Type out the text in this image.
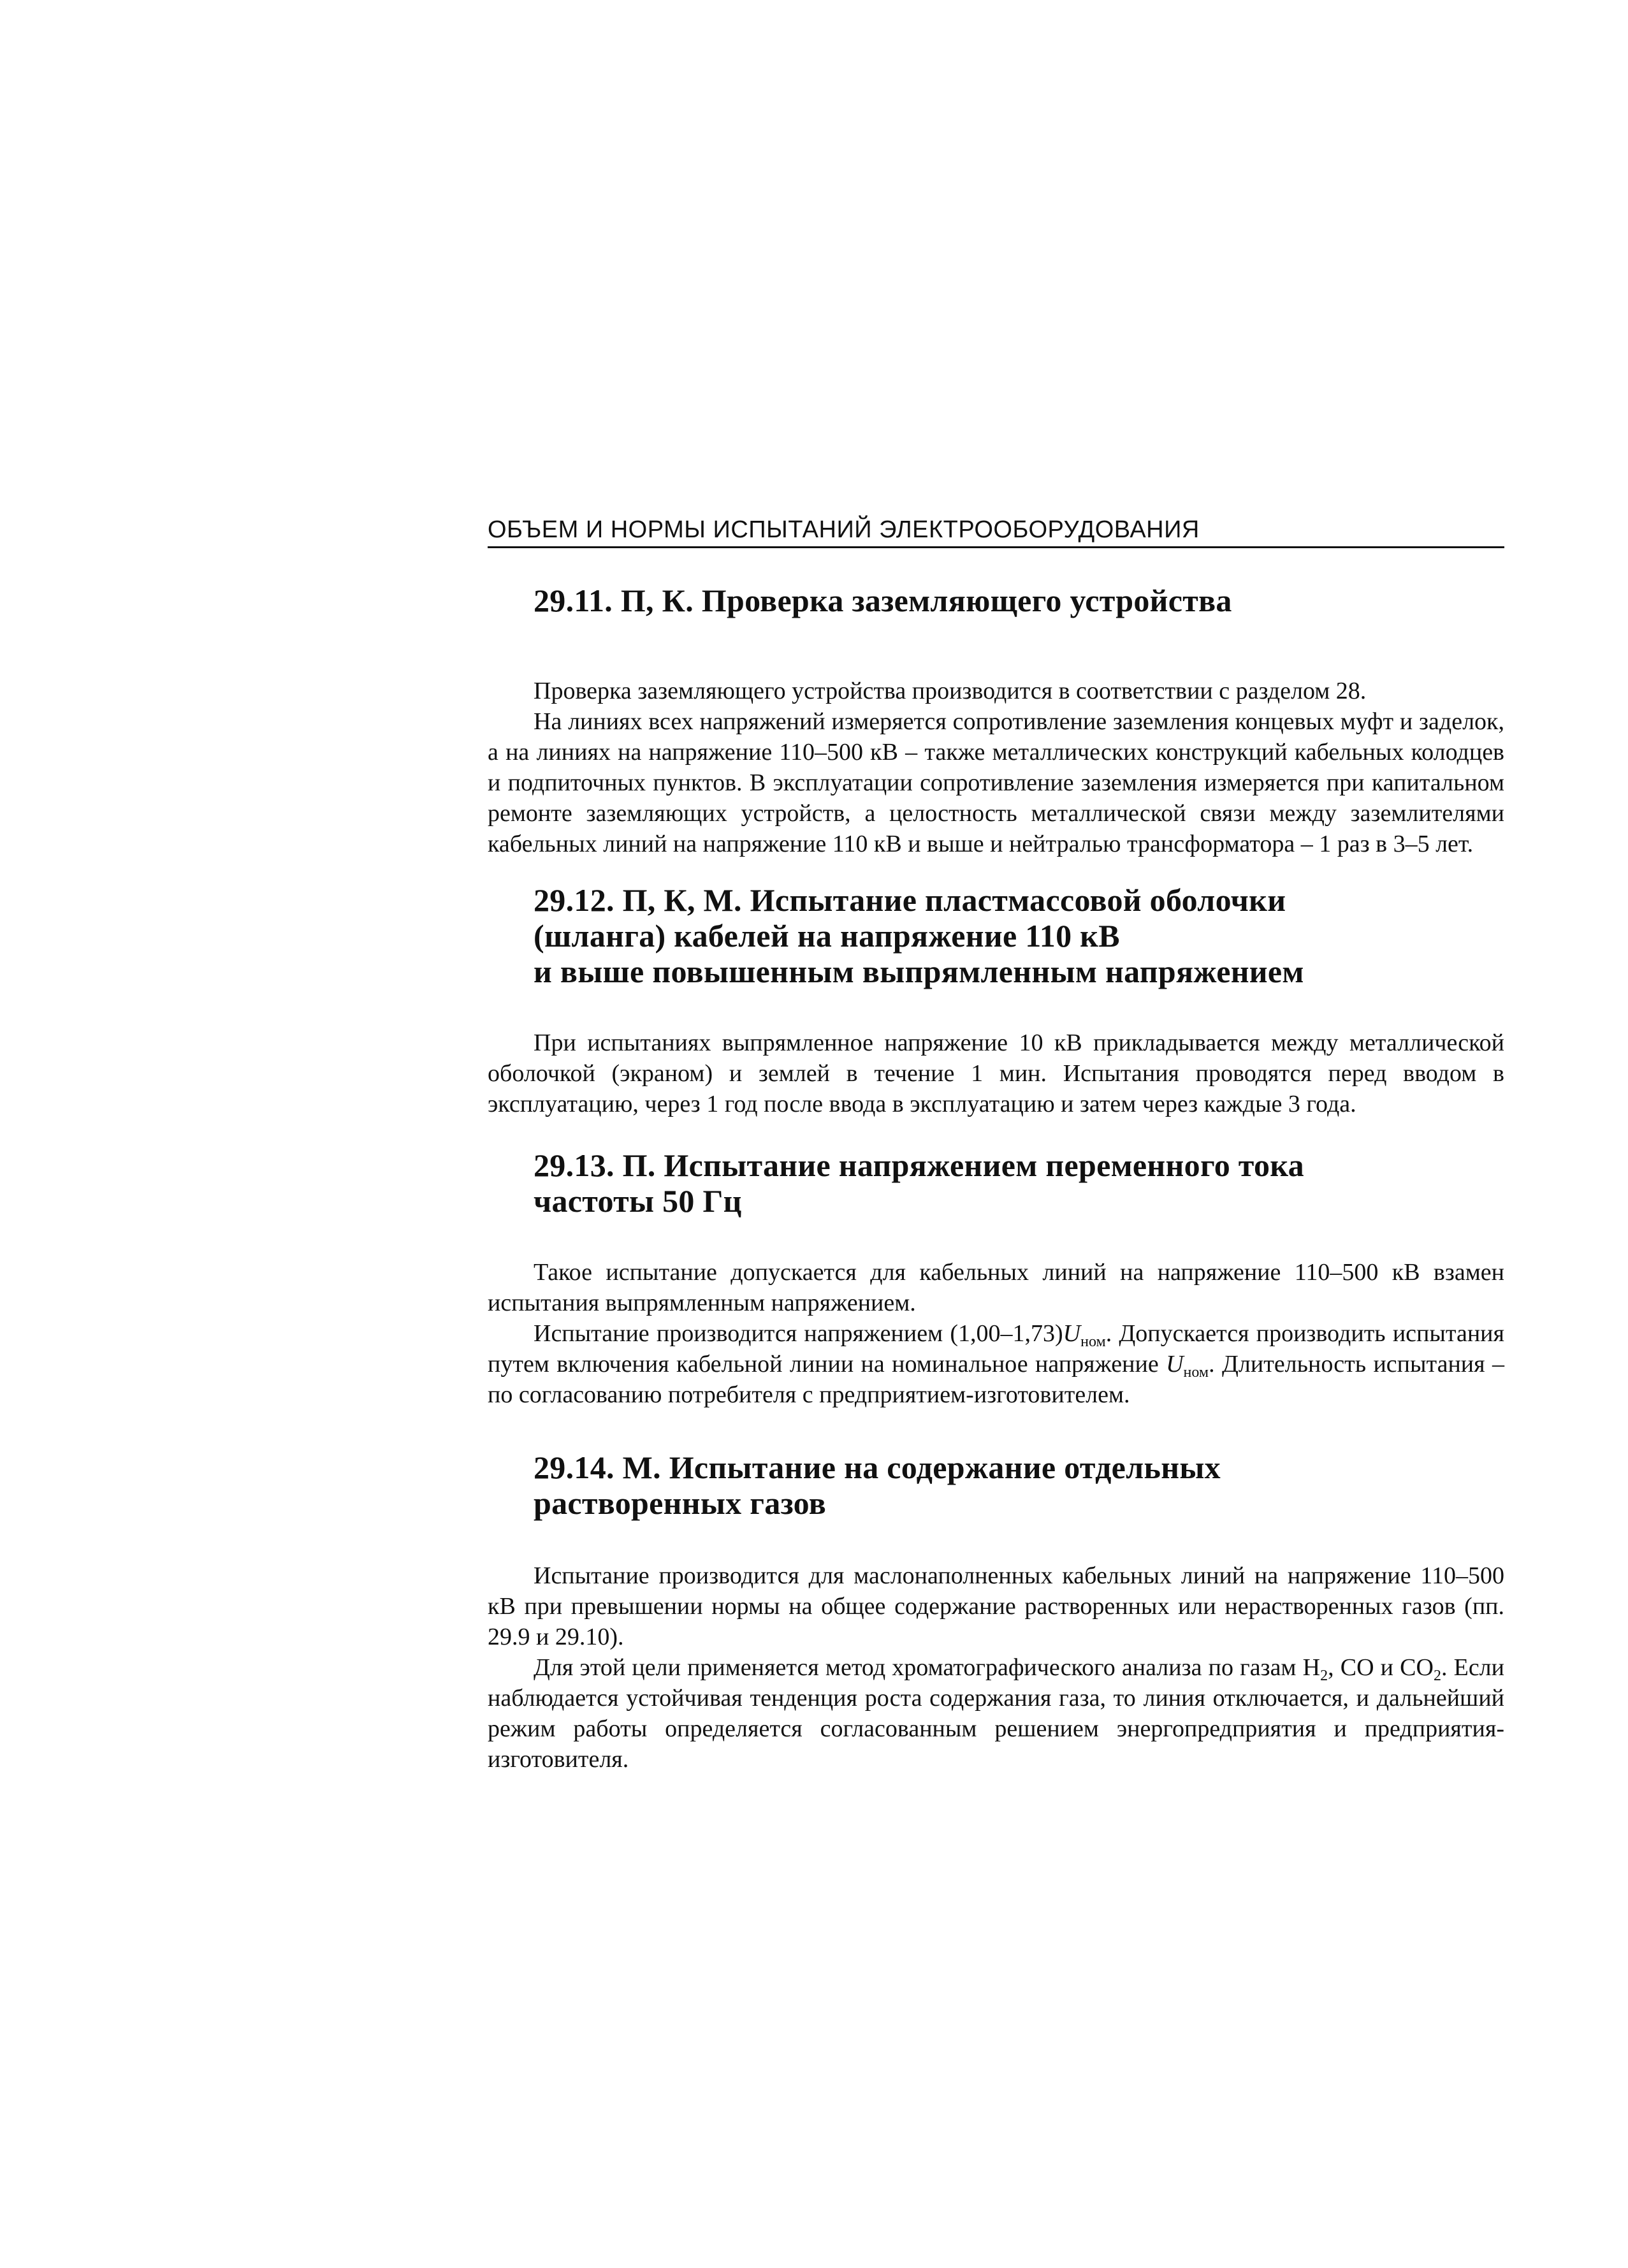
ОБЪЕМ И НОРМЫ ИСПЫТАНИЙ ЭЛЕКТРООБОРУДОВАНИЯ
29.11. П, К. Проверка заземляющего устройства

Проверка заземляющего устройства производится в соответствии с разделом 28.

На линиях всех напряжений измеряется сопротивление заземления концевых муфт и заделок, а на линиях на напряжение 110–500 кВ – также металлических конструкций кабельных колодцев и подпиточных пунктов. В эксплуатации сопротивление заземления измеряется при капитальном ремонте заземляющих устройств, а целостность металлической связи между заземлителями кабельных линий на напряжение 110 кВ и выше и нейтралью трансформатора – 1 раз в 3–5 лет.

29.12. П, К, М. Испытание пластмассовой оболочки
(шланга) кабелей на напряжение 110 кВ
и выше повышенным выпрямленным напряжением

При испытаниях выпрямленное напряжение 10 кВ прикладывается между металлической оболочкой (экраном) и землей в течение 1 мин. Испытания проводятся перед вводом в эксплуатацию, через 1 год после ввода в эксплуатацию и затем через каждые 3 года.

29.13. П. Испытание напряжением переменного тока
частоты 50 Гц

Такое испытание допускается для кабельных линий на напряжение 110–500 кВ взамен испытания выпрямленным напряжением.

Испытание производится напряжением $(1,00-1,73)U_{ном}$. Допускается производить испытания путем включения кабельной линии на номинальное напряжение $U_{ном}$. Длительность испытания – по согласованию потребителя с предприятием-изготовителем.

29.14. М. Испытание на содержание отдельных
растворенных газов

Испытание производится для маслонаполненных кабельных линий на напряжение 110–500 кВ при превышении нормы на общее содержание растворенных или нерастворенных газов (пп. 29.9 и 29.10).

Для этой цели применяется метод хроматографического анализа по газам $H_2$, CO и $CO_2$. Если наблюдается устойчивая тенденция роста содержания газа, то линия отключается, и дальнейший режим работы определяется согласованным решением энергопредприятия и предприятия-изготовителя.
